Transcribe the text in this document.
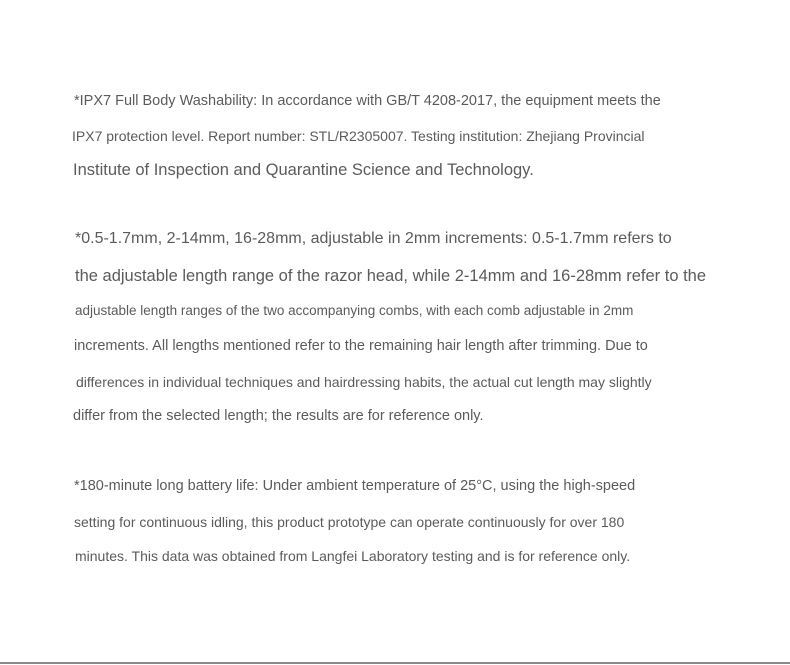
*IPX7 Full Body Washability: In accordance with GB/T 4208-2017, the equipment meets the
IPX7 protection level. Report number: STL/R2305007. Testing institution: Zhejiang Provincial
Institute of Inspection and Quarantine Science and Technology.
*0.5-1.7mm, 2-14mm, 16-28mm, adjustable in 2mm increments: 0.5-1.7mm refers to
the adjustable length range of the razor head, while 2-14mm and 16-28mm refer to the
adjustable length ranges of the two accompanying combs, with each comb adjustable in 2mm
increments. All lengths mentioned refer to the remaining hair length after trimming. Due to
differences in individual techniques and hairdressing habits, the actual cut length may slightly
differ from the selected length; the results are for reference only.
*180-minute long battery life: Under ambient temperature of 25°C, using the high-speed
setting for continuous idling, this product prototype can operate continuously for over 180
minutes. This data was obtained from Langfei Laboratory testing and is for reference only.
